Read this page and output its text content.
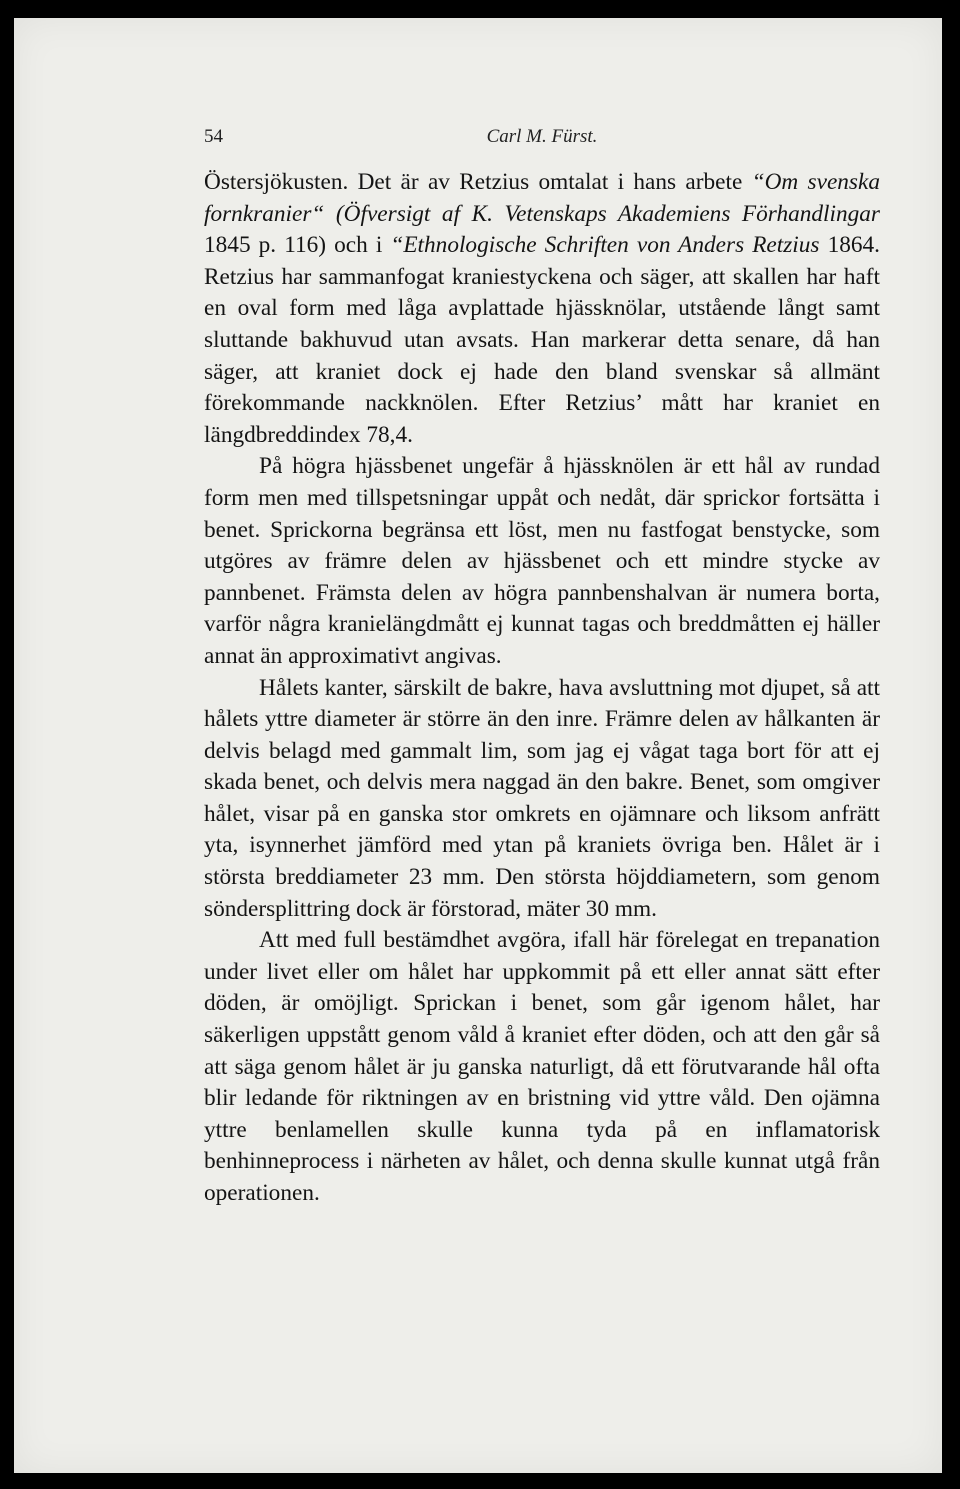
54	Carl M. Fürst.

Östersjökusten. Det är av Retzius omtalat i hans arbete “Om svenska fornkranier“ (Öfversigt af K. Vetenskaps Akademiens Förhandlingar 1845 p. 116) och i “Ethnologische Schriften von Anders Retzius 1864. Retzius har sammanfogat kraniestyckena och säger, att skallen har haft en oval form med låga avplattade hjässknölar, utstående långt samt sluttande bakhuvud utan avsats. Han markerar detta senare, då han säger, att kraniet dock ej hade den bland svenskar så allmänt förekommande nackknölen. Efter Retzius’ mått har kraniet en längdbreddindex 78,4.

På högra hjässbenet ungefär å hjässknölen är ett hål av rundad form men med tillspetsningar uppåt och nedåt, där sprickor fortsätta i benet. Sprickorna begränsa ett löst, men nu fastfogat benstycke, som utgöres av främre delen av hjässbenet och ett mindre stycke av pannbenet. Främsta delen av högra pannbenshalvan är numera borta, varför några kranielängdmått ej kunnat tagas och breddmåtten ej häller annat än approximativt angivas.

Hålets kanter, särskilt de bakre, hava avsluttning mot djupet, så att hålets yttre diameter är större än den inre. Främre delen av hålkanten är delvis belagd med gammalt lim, som jag ej vågat taga bort för att ej skada benet, och delvis mera naggad än den bakre. Benet, som omgiver hålet, visar på en ganska stor omkrets en ojämnare och liksom anfrätt yta, isynnerhet jämförd med ytan på kraniets övriga ben. Hålet är i största breddiameter 23 mm. Den största höjddiametern, som genom söndersplittring dock är förstorad, mäter 30 mm.

Att med full bestämdhet avgöra, ifall här förelegat en trepanation under livet eller om hålet har uppkommit på ett eller annat sätt efter döden, är omöjligt. Sprickan i benet, som går igenom hålet, har säkerligen uppstått genom våld å kraniet efter döden, och att den går så att säga genom hålet är ju ganska naturligt, då ett förutvarande hål ofta blir ledande för riktningen av en bristning vid yttre våld. Den ojämna yttre benlamellen skulle kunna tyda på en inflamatorisk benhinneprocess i närheten av hålet, och denna skulle kunnat utgå från operationen.
